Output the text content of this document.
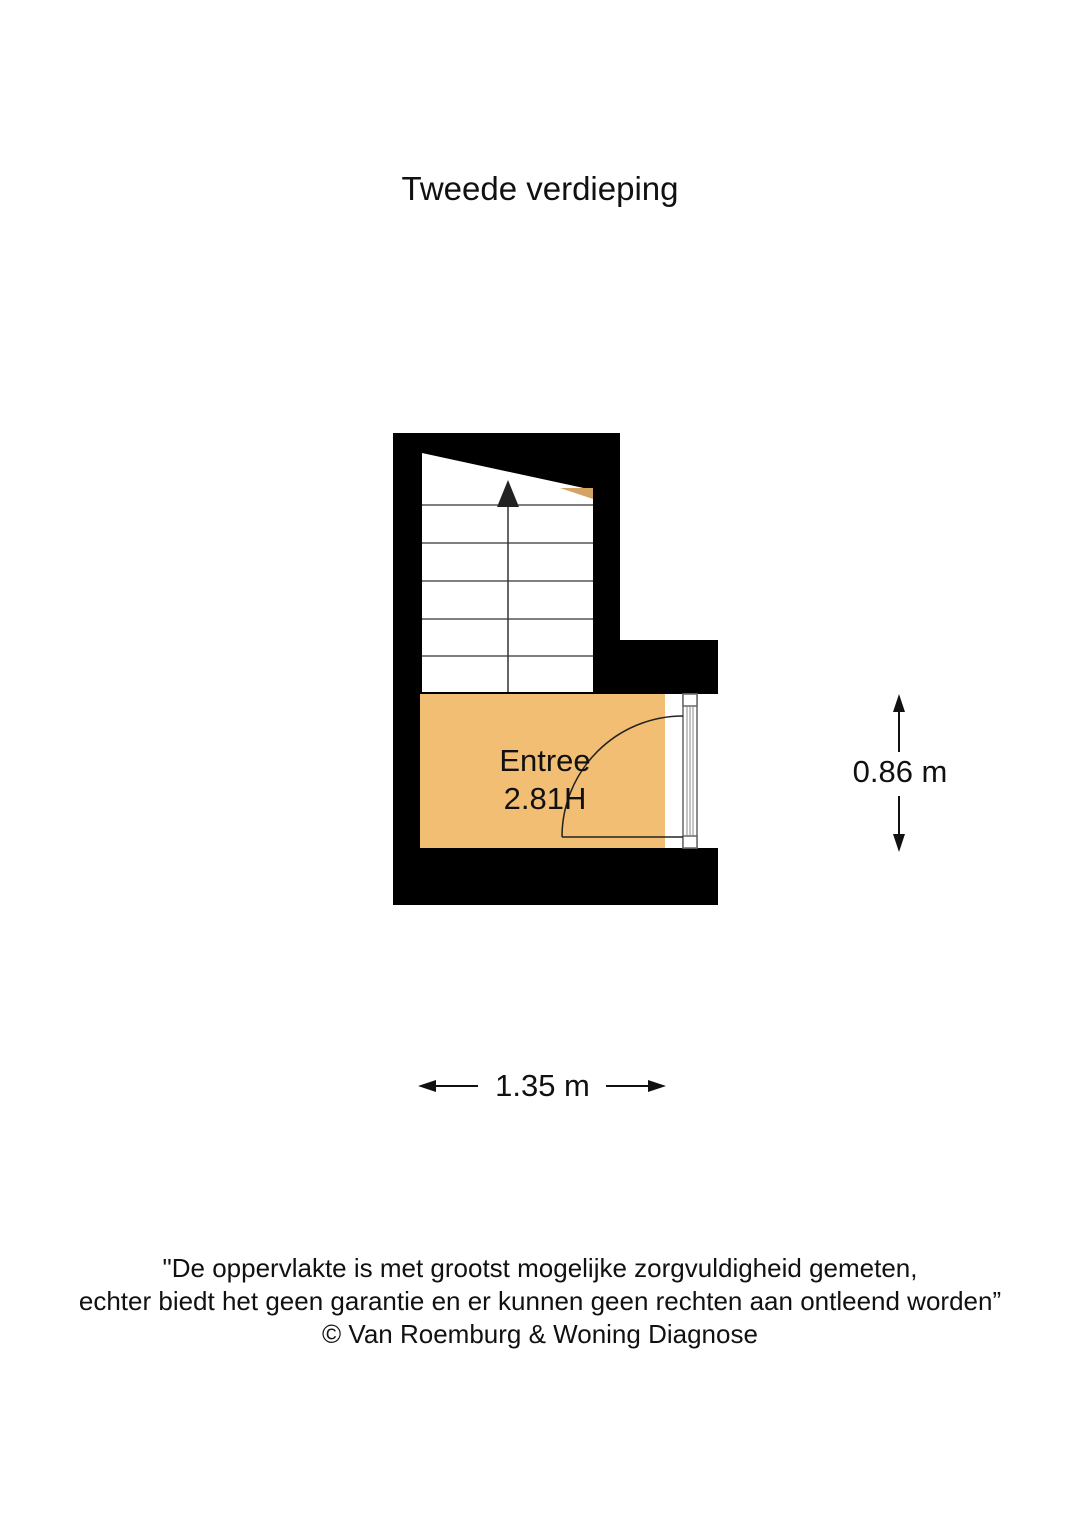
Tweede verdieping
Entree
2.81H
0.86 m
1.35 m
"De oppervlakte is met grootst mogelijke zorgvuldigheid gemeten,
echter biedt het geen garantie en er kunnen geen rechten aan ontleend worden”
© Van Roemburg & Woning Diagnose
